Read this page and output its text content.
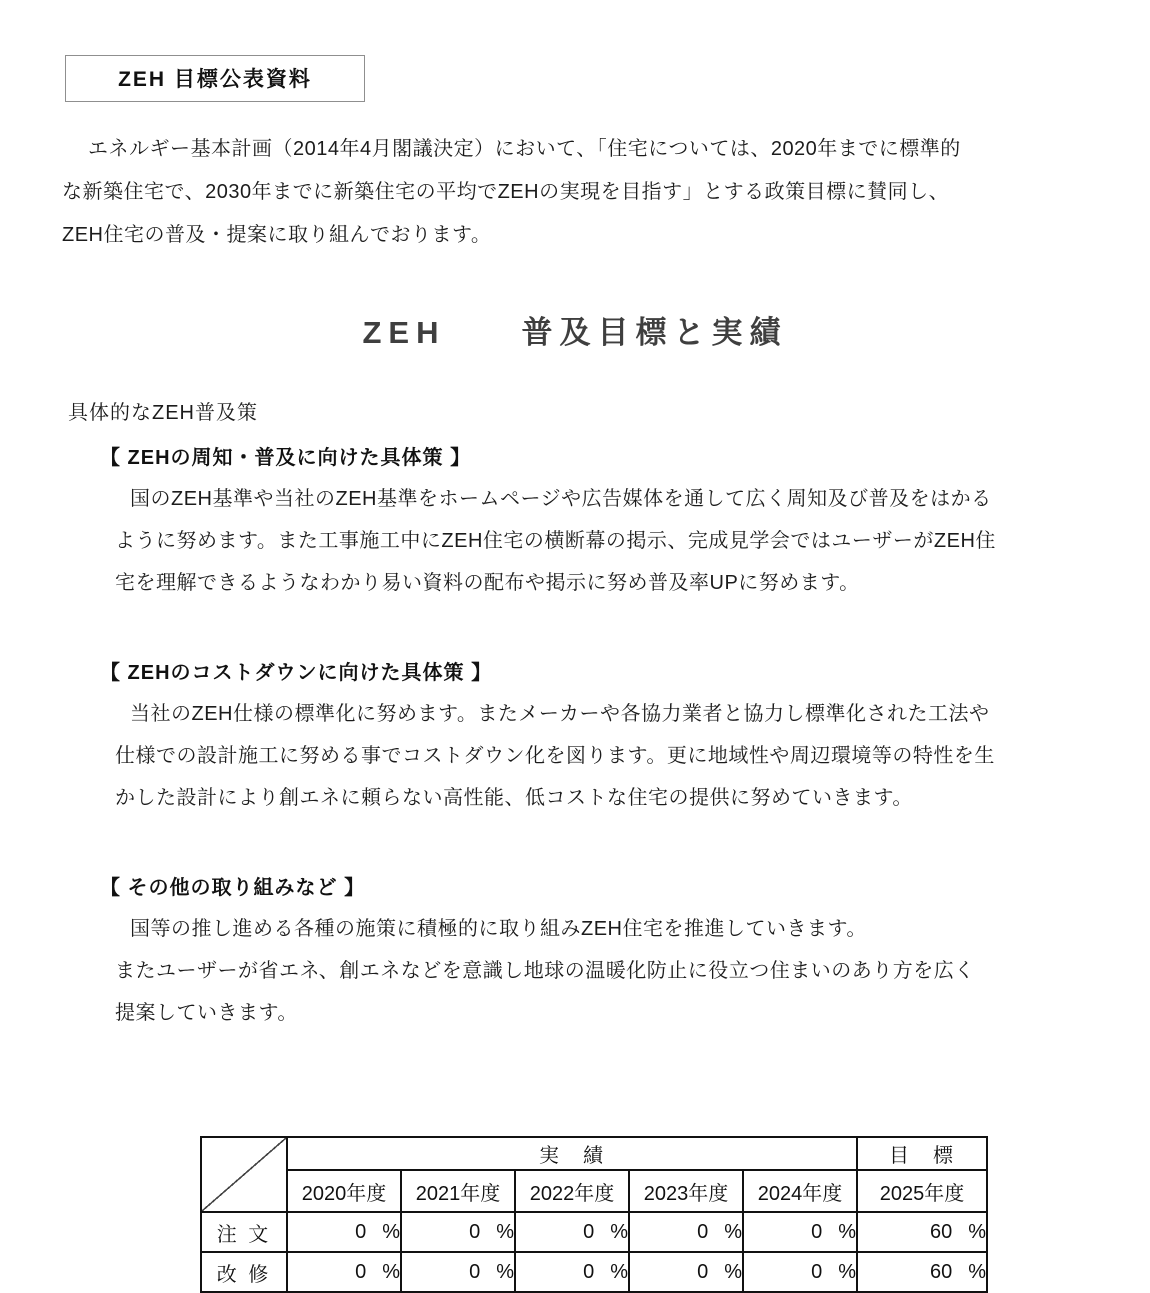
ZEH 目標公表資料
エネルギー基本計画（2014年4月閣議決定）において、「住宅については、2020年までに標準的
な新築住宅で、2030年までに新築住宅の平均でZEHの実現を目指す」とする政策目標に賛同し、
ZEH住宅の普及・提案に取り組んでおります。
ZEH　　普及目標と実績
具体的なZEH普及策
【 ZEHの周知・普及に向けた具体策 】
国のZEH基準や当社のZEH基準をホームページや広告媒体を通して広く周知及び普及をはかる
ように努めます。また工事施工中にZEH住宅の横断幕の掲示、完成見学会ではユーザーがZEH住
宅を理解できるようなわかり易い資料の配布や掲示に努め普及率UPに努めます。
【 ZEHのコストダウンに向けた具体策 】
当社のZEH仕様の標準化に努めます。またメーカーや各協力業者と協力し標準化された工法や
仕様での設計施工に努める事でコストダウン化を図ります。更に地域性や周辺環境等の特性を生
かした設計により創エネに頼らない高性能、低コストな住宅の提供に努めていきます。
【 その他の取り組みなど 】
国等の推し進める各種の施策に積極的に取り組みZEH住宅を推進していきます。
またユーザーが省エネ、創エネなどを意識し地球の温暖化防止に役立つ住まいのあり方を広く
提案していきます。
	実　績					目　標
	2020年度	2021年度	2022年度	2023年度	2024年度	2025年度
注 文	0 %	0 %	0 %	0 %	0 %	60 %
改 修	0 %	0 %	0 %	0 %	0 %	60 %
